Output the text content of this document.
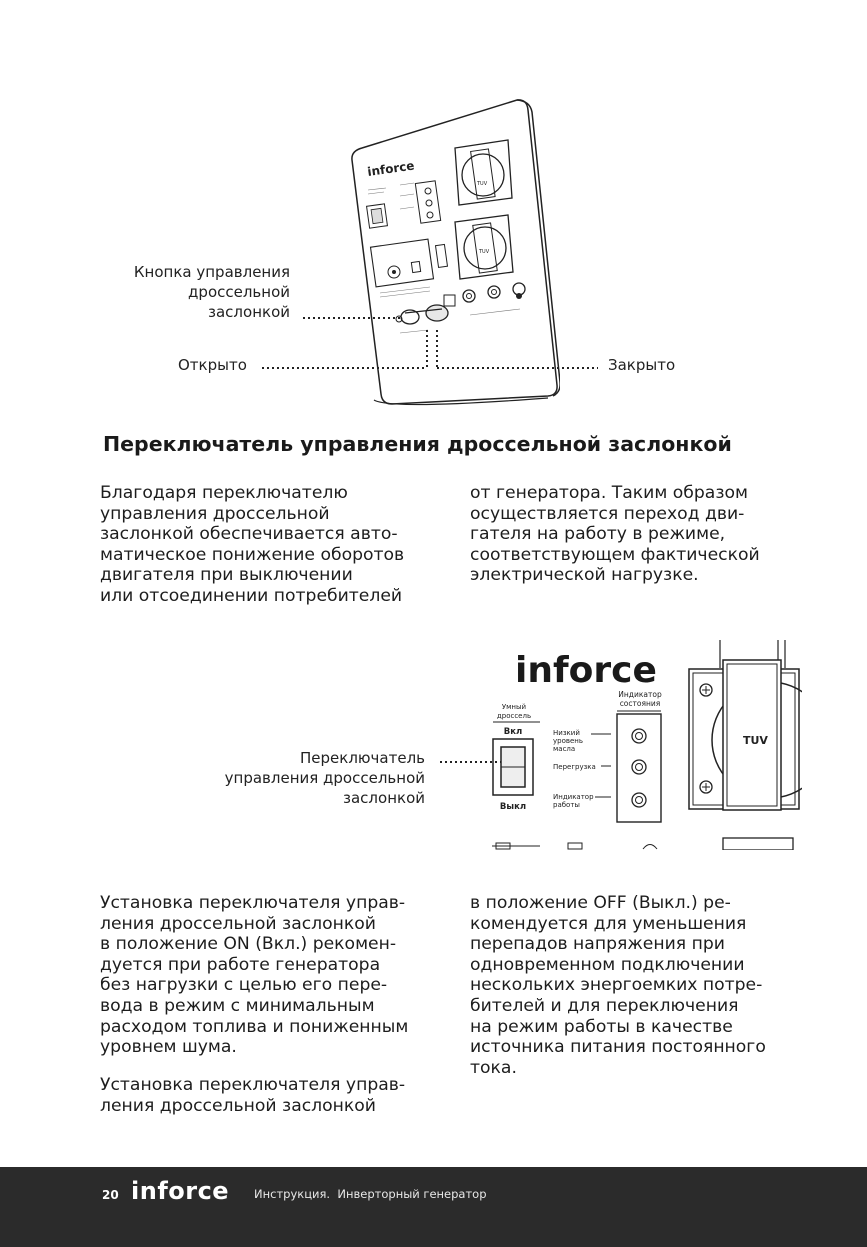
inforce
TUV
TUV
Кнопка управления
дроссельной
заслонкой
Открыто	Закрыто
Переключатель управления дроссельной заслонкой

Благодаря переключателю

управления дроссельной

заслонкой обеспечивается авто-

матическое понижение оборотов

двигателя при выключении

или отсоединении потребителей

от генератора. Таким образом

осуществляется переход дви-

гателя на работу в режиме,

соответствующем фактической

электрической нагрузке.

Переключатель
управления дроссельной
заслонкой
inforce
Умный
дроссель
Вкл
Выкл
Индикатор
состояния
Низкий
уровень
масла
Перегрузка
Индикатор
работы
TUV

Установка переключателя управ-

ления дроссельной заслонкой

в положение ON (Вкл.) рекомен-

дуется при работе генератора

без нагрузки с целью его пере-

вода в режим с минимальным

расходом топлива и пониженным

уровнем шума.

Установка переключателя управ-

ления дроссельной заслонкой

в положение OFF (Выкл.) ре-

комендуется для уменьшения

перепадов напряжения при

одновременном подключении

нескольких энергоемких потре-

бителей и для переключения

на режим работы в качестве

источника питания постоянного

тока.

20 inforce Инструкция.  Инверторный генератор
